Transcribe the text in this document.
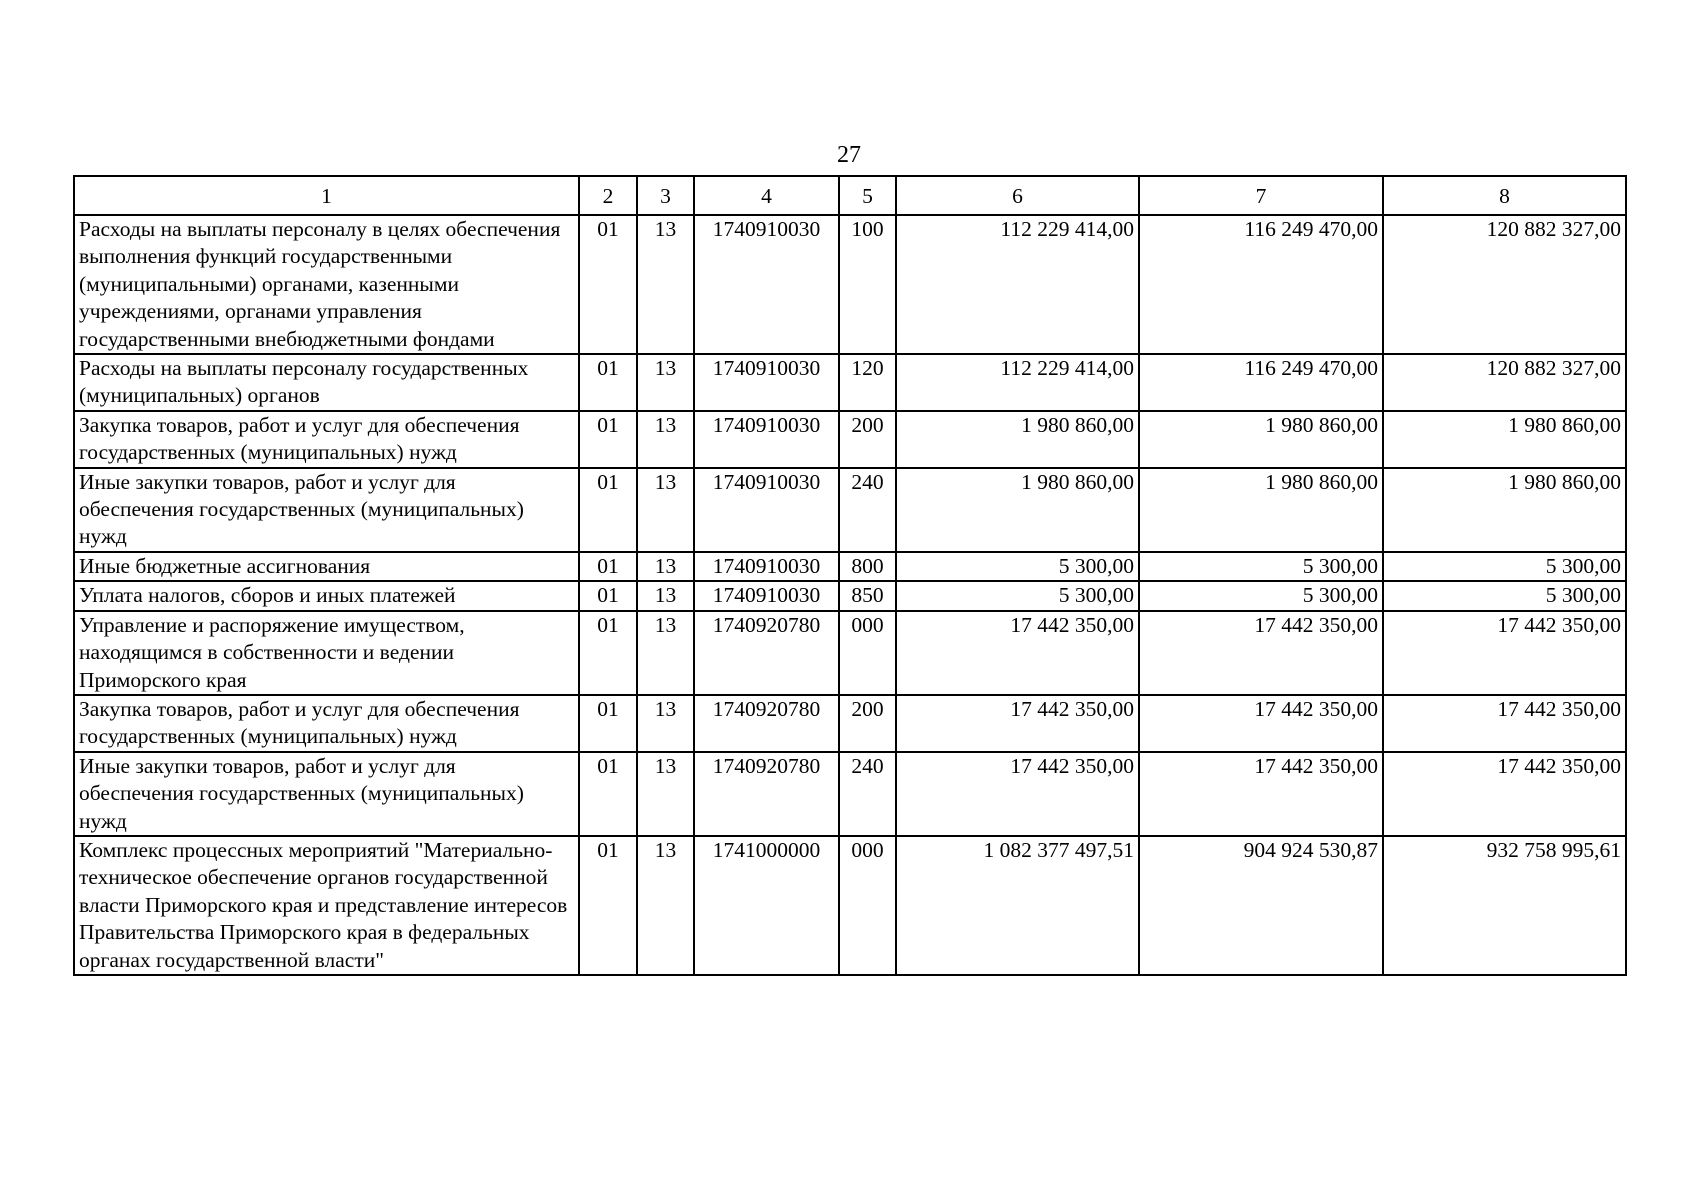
27
1	2	3	4	5	6	7	8
Расходы на выплаты персоналу в целях обеспечения выполнения функций государственными (муниципальными) органами, казенными учреждениями, органами управления государственными внебюджетными фондами	01	13	1740910030	100	112 229 414,00	116 249 470,00	120 882 327,00
Расходы на выплаты персоналу государственных (муниципальных) органов	01	13	1740910030	120	112 229 414,00	116 249 470,00	120 882 327,00
Закупка товаров, работ и услуг для обеспечения государственных (муниципальных) нужд	01	13	1740910030	200	1 980 860,00	1 980 860,00	1 980 860,00
Иные закупки товаров, работ и услуг для обеспечения государственных (муниципальных) нужд	01	13	1740910030	240	1 980 860,00	1 980 860,00	1 980 860,00
Иные бюджетные ассигнования	01	13	1740910030	800	5 300,00	5 300,00	5 300,00
Уплата налогов, сборов и иных платежей	01	13	1740910030	850	5 300,00	5 300,00	5 300,00
Управление и распоряжение имуществом, находящимся в собственности и ведении Приморского края	01	13	1740920780	000	17 442 350,00	17 442 350,00	17 442 350,00
Закупка товаров, работ и услуг для обеспечения государственных (муниципальных) нужд	01	13	1740920780	200	17 442 350,00	17 442 350,00	17 442 350,00
Иные закупки товаров, работ и услуг для обеспечения государственных (муниципальных) нужд	01	13	1740920780	240	17 442 350,00	17 442 350,00	17 442 350,00
Комплекс процессных мероприятий "Материально-техническое обеспечение органов государственной власти Приморского края и представление интересов Правительства Приморского края в федеральных органах государственной власти"	01	13	1741000000	000	1 082 377 497,51	904 924 530,87	932 758 995,61
